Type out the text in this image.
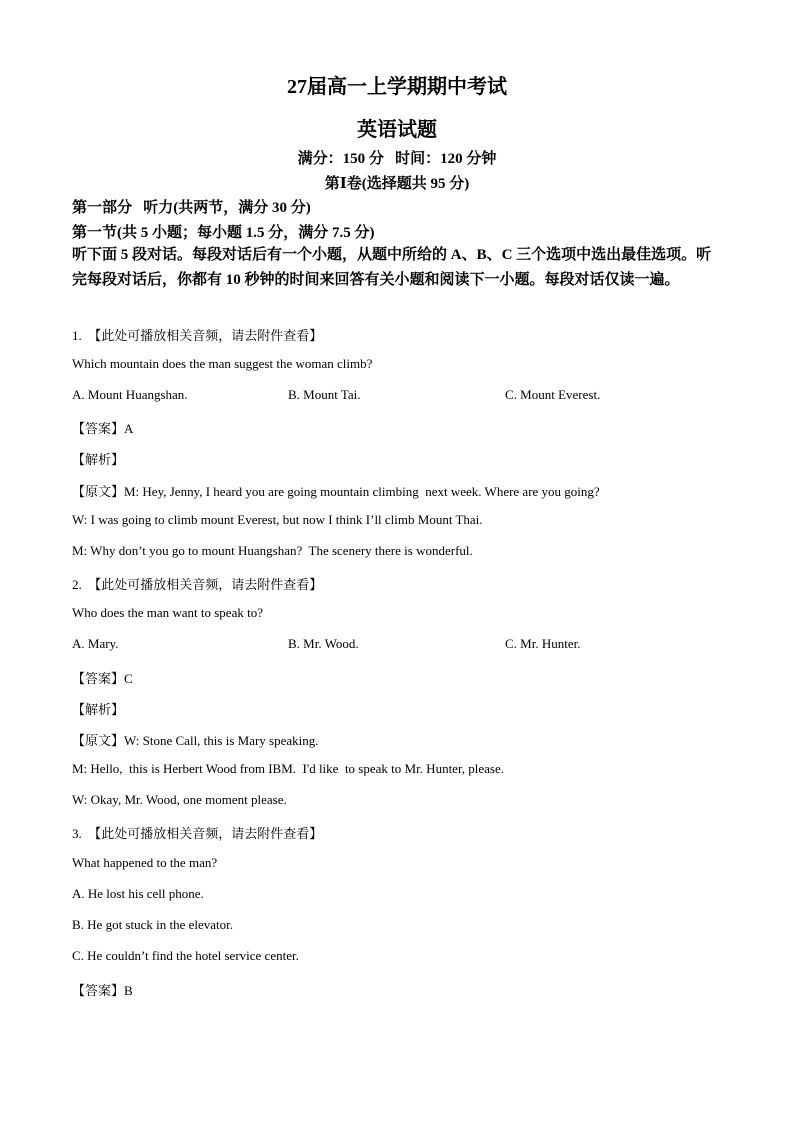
27届高一上学期期中考试
英语试题
满分：150 分   时间：120 分钟
第Ⅰ卷(选择题共 95 分)
第一部分   听力(共两节，满分 30 分)
第一节(共 5 小题；每小题 1.5 分，满分 7.5 分)
听下面 5 段对话。每段对话后有一个小题，从题中所给的 A、B、C 三个选项中选出最佳选项。听完每段对话后，你都有 10 秒钟的时间来回答有关小题和阅读下一小题。每段对话仅读一遍。
1.  【此处可播放相关音频，请去附件查看】
Which mountain does the man suggest the woman climb?
A. Mount Huangshan.	B. Mount Tai.	C. Mount Everest.
【答案】A
【解析】
【原文】M: Hey, Jenny, I heard you are going mountain climbing  next week. Where are you going?
W: I was going to climb mount Everest, but now I think I’ll climb Mount Thai.
M: Why don’t you go to mount Huangshan?  The scenery there is wonderful.
2.  【此处可播放相关音频，请去附件查看】
Who does the man want to speak to?
A. Mary.	B. Mr. Wood.	C. Mr. Hunter.
【答案】C
【解析】
【原文】W: Stone Call, this is Mary speaking.
M: Hello,  this is Herbert Wood from IBM.  I'd like  to speak to Mr. Hunter, please.
W: Okay, Mr. Wood, one moment please.
3.  【此处可播放相关音频，请去附件查看】
What happened to the man?
A. He lost his cell phone.
B. He got stuck in the elevator.
C. He couldn’t find the hotel service center.
【答案】B
